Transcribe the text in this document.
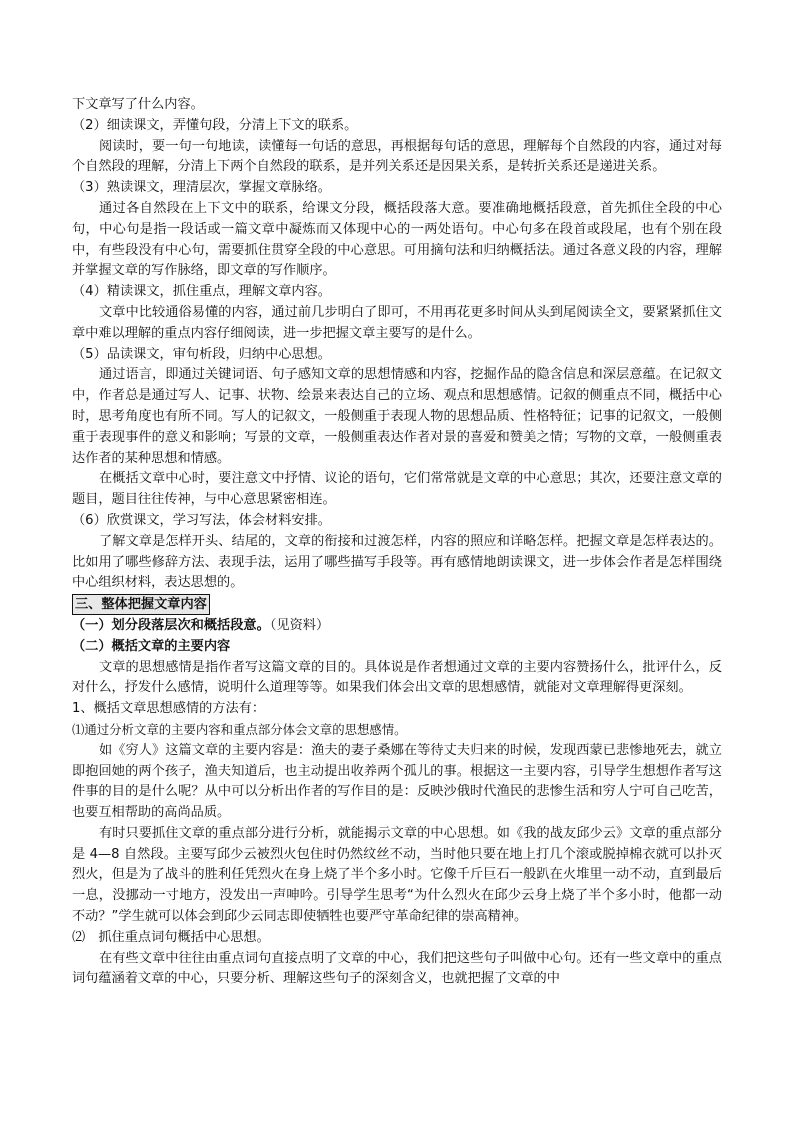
下文章写了什么内容。

（2）细读课文，弄懂句段，分清上下文的联系。

阅读时，要一句一句地读，读懂每一句话的意思，再根据每句话的意思，理解每个自然段的内容，通过对每个自然段的理解，分清上下两个自然段的联系，是并列关系还是因果关系，是转折关系还是递进关系。

（3）熟读课文，理清层次，掌握文章脉络。

通过各自然段在上下文中的联系，给课文分段，概括段落大意。要准确地概括段意，首先抓住全段的中心句，中心句是指一段话或一篇文章中凝炼而又体现中心的一两处语句。中心句多在段首或段尾，也有个别在段中，有些段没有中心句，需要抓住贯穿全段的中心意思。可用摘句法和归纳概括法。通过各意义段的内容，理解并掌握文章的写作脉络，即文章的写作顺序。

（4）精读课文，抓住重点，理解文章内容。

文章中比较通俗易懂的内容，通过前几步明白了即可，不用再花更多时间从头到尾阅读全文，要紧紧抓住文章中难以理解的重点内容仔细阅读，进一步把握文章主要写的是什么。

（5）品读课文，审句析段，归纳中心思想。

通过语言，即通过关键词语、句子感知文章的思想情感和内容，挖掘作品的隐含信息和深层意蕴。在记叙文中，作者总是通过写人、记事、状物、绘景来表达自己的立场、观点和思想感情。记叙的侧重点不同，概括中心时，思考角度也有所不同。写人的记叙文，一般侧重于表现人物的思想品质、性格特征；记事的记叙文，一般侧重于表现事件的意义和影响；写景的文章，一般侧重表达作者对景的喜爱和赞美之情；写物的文章，一般侧重表达作者的某种思想和情感。

在概括文章中心时，要注意文中抒情、议论的语句，它们常常就是文章的中心意思；其次，还要注意文章的题目，题目往往传神，与中心意思紧密相连。

（6）欣赏课文，学习写法，体会材料安排。

了解文章是怎样开头、结尾的，文章的衔接和过渡怎样，内容的照应和详略怎样。把握文章是怎样表达的。比如用了哪些修辞方法、表现手法，运用了哪些描写手段等。再有感情地朗读课文，进一步体会作者是怎样围绕中心组织材料，表达思想的。

三、整体把握文章内容

（一）划分段落层次和概括段意。（见资料）

（二）概括文章的主要内容

文章的思想感情是指作者写这篇文章的目的。具体说是作者想通过文章的主要内容赞扬什么，批评什么，反对什么，抒发什么感情，说明什么道理等等。如果我们体会出文章的思想感情，就能对文章理解得更深刻。

1、概括文章思想感情的方法有：

⑴通过分析文章的主要内容和重点部分体会文章的思想感情。

如《穷人》这篇文章的主要内容是：渔夫的妻子桑娜在等待丈夫归来的时候，发现西蒙已悲惨地死去，就立即抱回她的两个孩子，渔夫知道后，也主动提出收养两个孤儿的事。根据这一主要内容，引导学生想想作者写这件事的目的是什么呢？从中可以分析出作者的写作目的是：反映沙俄时代渔民的悲惨生活和穷人宁可自己吃苦，也要互相帮助的高尚品质。

有时只要抓住文章的重点部分进行分析，就能揭示文章的中心思想。如《我的战友邱少云》文章的重点部分是 4—8 自然段。主要写邱少云被烈火包住时仍然纹丝不动，当时他只要在地上打几个滚或脱掉棉衣就可以扑灭烈火，但是为了战斗的胜利任凭烈火在身上烧了半个多小时。它像千斤巨石一般趴在火堆里一动不动，直到最后一息，没挪动一寸地方，没发出一声呻吟。引导学生思考“为什么烈火在邱少云身上烧了半个多小时，他都一动不动？”学生就可以体会到邱少云同志即使牺牲也要严守革命纪律的崇高精神。

⑵　抓住重点词句概括中心思想。

在有些文章中往往由重点词句直接点明了文章的中心，我们把这些句子叫做中心句。还有一些文章中的重点词句蕴涵着文章的中心，只要分析、理解这些句子的深刻含义，也就把握了文章的中
